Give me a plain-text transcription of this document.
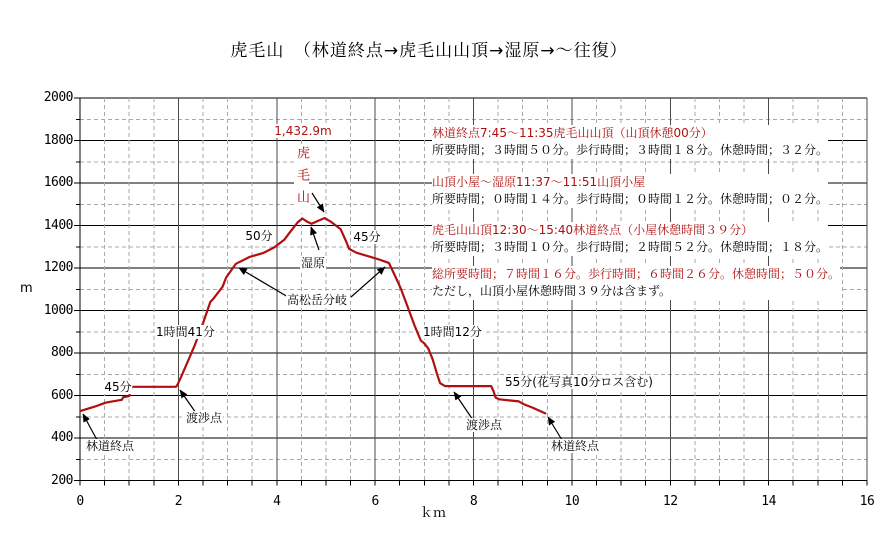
虎毛山　（林道終点→虎毛山山頂→湿原→～往復）
m
ｋｍ
2000
1800
1600
1400
1200
1000
800
600
400
200
0	2	4	6	8	10	12	14	16
1,432.9m
虎毛山
湿原
50分	45分
高松岳分岐
1時間41分
45分
渡渉点
林道終点
1時間12分
渡渉点
55分(花写真10分ロス含む)
林道終点
林道終点7:45～11:35虎毛山山頂（山頂休憩00分）
所要時間；３時間５０分。歩行時間；３時間１８分。休憩時間；３２分。
山頂小屋～湿原11:37～11:51山頂小屋
所要時間；０時間１４分。歩行時間；０時間１２分。休憩時間；０２分。
虎毛山山頂12:30～15:40林道終点（小屋休憩時間３９分）
所要時間；３時間１０分。歩行時間；２時間５２分。休憩時間；１８分。
総所要時間；７時間１６分。歩行時間；６時間２６分。休憩時間；５０分。
ただし，山頂小屋休憩時間３９分は含まず。
